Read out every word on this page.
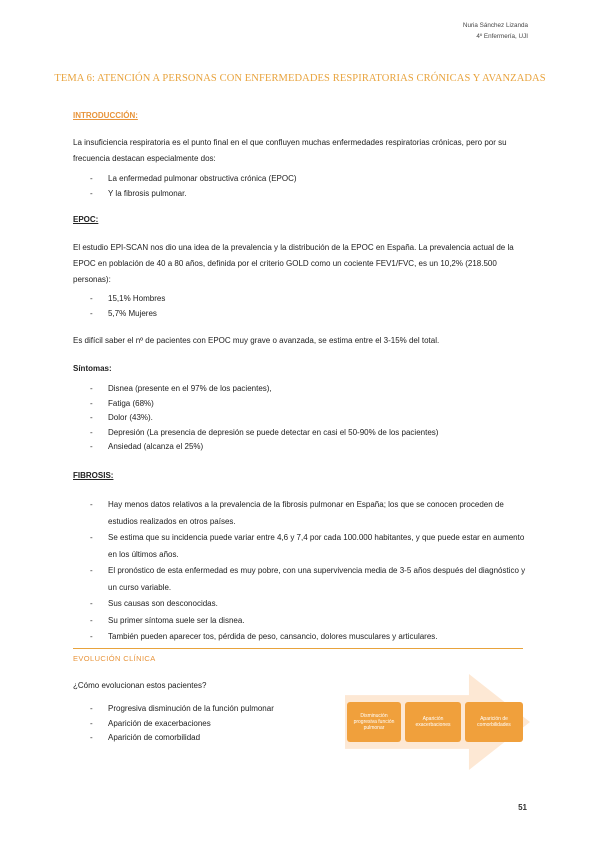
Nuria Sánchez Lizanda
4º Enfermería, UJI
TEMA 6: ATENCIÓN A PERSONAS CON ENFERMEDADES RESPIRATORIAS CRÓNICAS Y AVANZADAS
INTRODUCCIÓN:
La insuficiencia respiratoria es el punto final en el que confluyen muchas enfermedades respiratorias crónicas, pero por su frecuencia destacan especialmente dos:
- La enfermedad pulmonar obstructiva crónica (EPOC)
- Y la fibrosis pulmonar.
EPOC:
El estudio EPI-SCAN nos dio una idea de la prevalencia y la distribución de la EPOC en España. La prevalencia actual de la EPOC en población de 40 a 80 años, definida por el criterio GOLD como un cociente FEV1/FVC, es un 10,2% (218.500 personas):
- 15,1% Hombres
- 5,7% Mujeres
Es difícil saber el nº de pacientes con EPOC muy grave o avanzada, se estima entre el 3-15% del total.
Síntomas:
- Disnea (presente en el 97% de los pacientes),
- Fatiga (68%)
- Dolor (43%).
- Depresión (La presencia de depresión se puede detectar en casi el 50-90% de los pacientes)
- Ansiedad (alcanza el 25%)
FIBROSIS:
- Hay menos datos relativos a la prevalencia de la fibrosis pulmonar en España; los que se conocen proceden de estudios realizados en otros países.
- Se estima que su incidencia puede variar entre 4,6 y 7,4 por cada 100.000 habitantes, y que puede estar en aumento en los últimos años.
- El pronóstico de esta enfermedad es muy pobre, con una supervivencia media de 3-5 años después del diagnóstico y un curso variable.
- Sus causas son desconocidas.
- Su primer síntoma suele ser la disnea.
- También pueden aparecer tos, pérdida de peso, cansancio, dolores musculares y articulares.
EVOLUCIÓN CLÍNICA
¿Cómo evolucionan estos pacientes?
- Progresiva disminución de la función pulmonar
- Aparición de exacerbaciones
- Aparición de comorbilidad
Disminución progresiva función pulmonar
Aparición exacerbaciones
Aparición de comorbilidades
51
